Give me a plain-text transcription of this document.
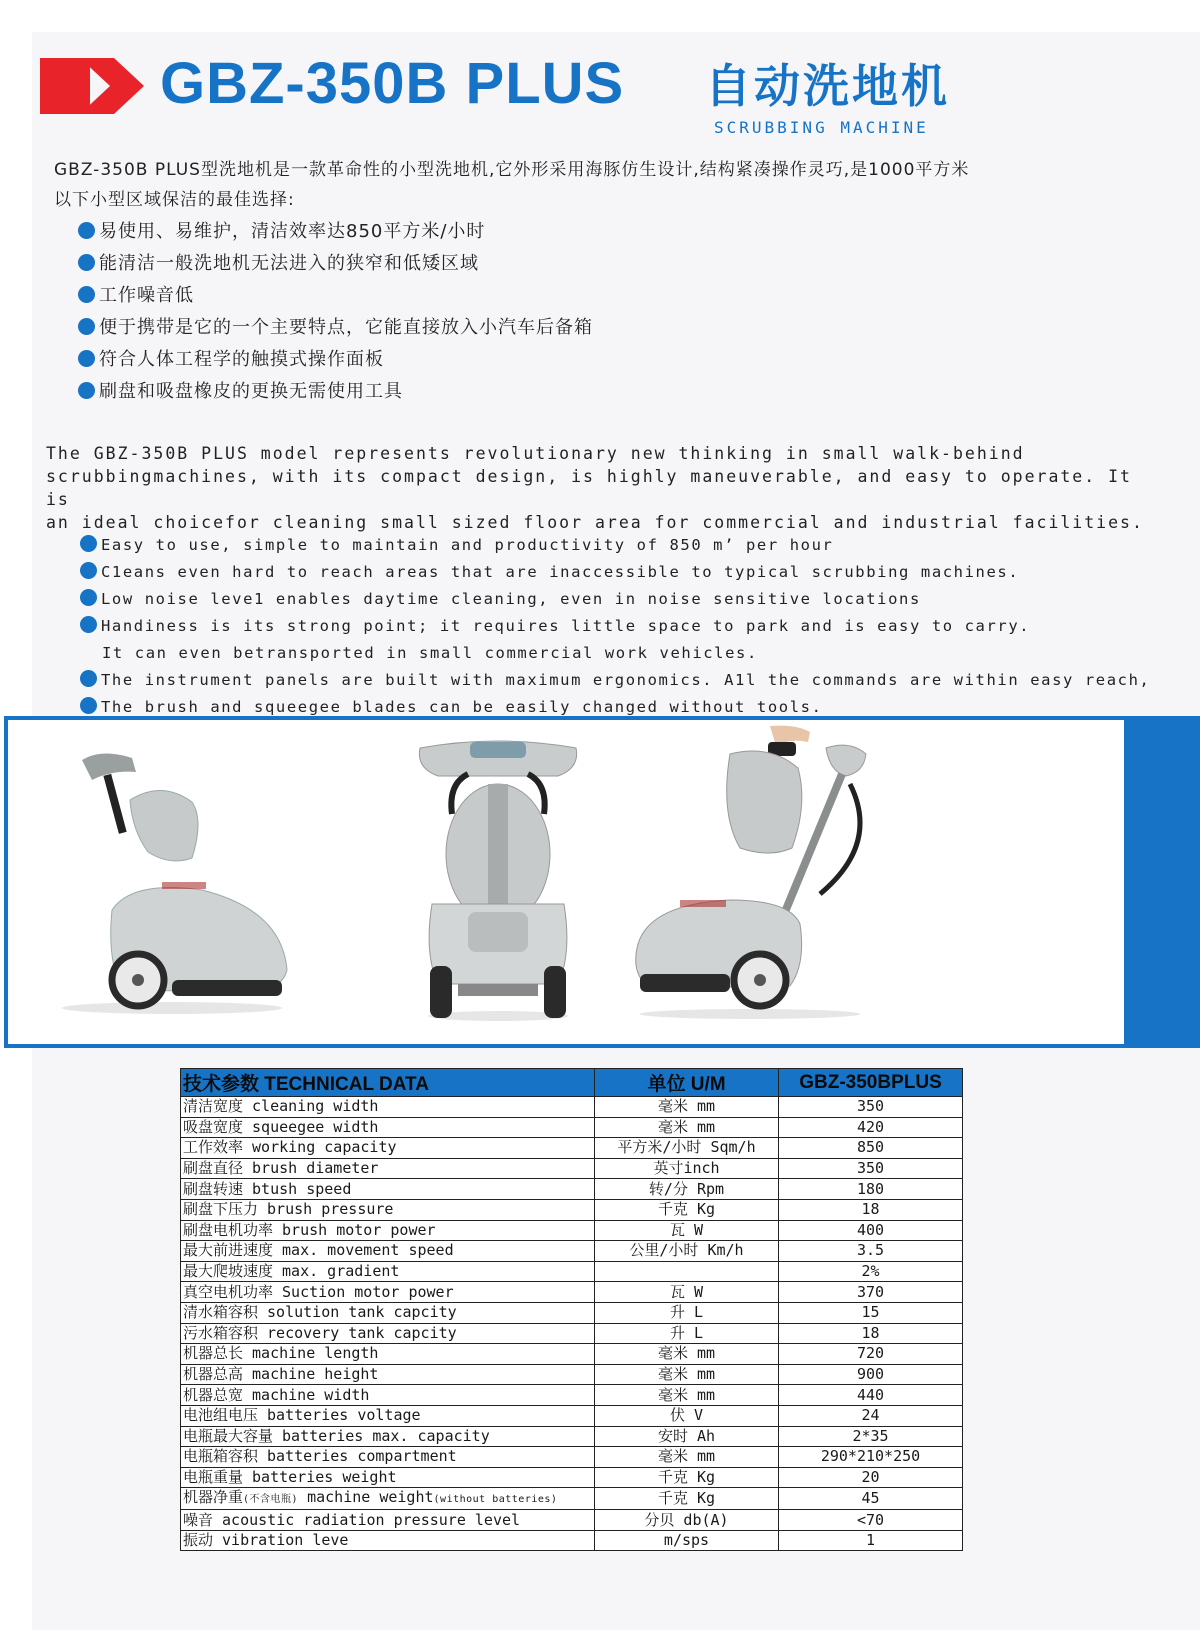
GBZ-350B PLUS 自动洗地机
SCRUBBING MACHINE
GBZ-350B PLUS型洗地机是一款革命性的小型洗地机,它外形采用海豚仿生设计,结构紧凑操作灵巧,是1000平方米
以下小型区域保洁的最佳选择:
易使用、易维护，清洁效率达850平方米/小时
能清洁一般洗地机无法进入的狭窄和低矮区域
工作噪音低
便于携带是它的一个主要特点，它能直接放入小汽车后备箱
符合人体工程学的触摸式操作面板
刷盘和吸盘橡皮的更换无需使用工具
The GBZ-350B PLUS model represents revolutionary new thinking in small walk-behind
scrubbingmachines, with its compact design, is highly maneuverable, and easy to operate. It is
an ideal choicefor cleaning small sized floor area for commercial and industrial facilities.
Easy to use, simple to maintain and productivity of 850 m’ per hour
C1eans even hard to reach areas that are inaccessible to typical scrubbing machines.
Low noise leve1 enables daytime cleaning, even in noise sensitive locations
Handiness is its strong point; it requires little space to park and is easy to carry.
It can even betransported in small commercial work vehicles.
The instrument panels are built with maximum ergonomics. A1l the commands are within easy reach,
The brush and squeegee blades can be easily changed without tools.
技术参数 TECHNICAL DATA	单位 U/M	GBZ-350BPLUS
清洁宽度 cleaning width	毫米 mm	350
吸盘宽度 squeegee width	毫米 mm	420
工作效率 working capacity	平方米/小时 Sqm/h	850
刷盘直径 brush diameter	英寸inch	350
刷盘转速 btush speed	转/分 Rpm	180
刷盘下压力 brush pressure	千克 Kg	18
刷盘电机功率 brush motor power	瓦 W	400
最大前进速度 max. movement speed	公里/小时 Km/h	3.5
最大爬坡速度 max. gradient		2%
真空电机功率 Suction motor power	瓦 W	370
清水箱容积 solution tank capcity	升 L	15
污水箱容积 recovery tank capcity	升 L	18
机器总长 machine length	毫米 mm	720
机器总高 machine height	毫米 mm	900
机器总宽 machine width	毫米 mm	440
电池组电压 batteries voltage	伏 V	24
电瓶最大容量 batteries max. capacity	安时 Ah	2*35
电瓶箱容积 batteries compartment	毫米 mm	290*210*250
电瓶重量 batteries weight	千克 Kg	20
机器净重(不含电瓶) machine weight(without batteries)	千克 Kg	45
噪音 acoustic radiation pressure level	分贝 db(A)	<70
振动 vibration leve	m/sps	1
